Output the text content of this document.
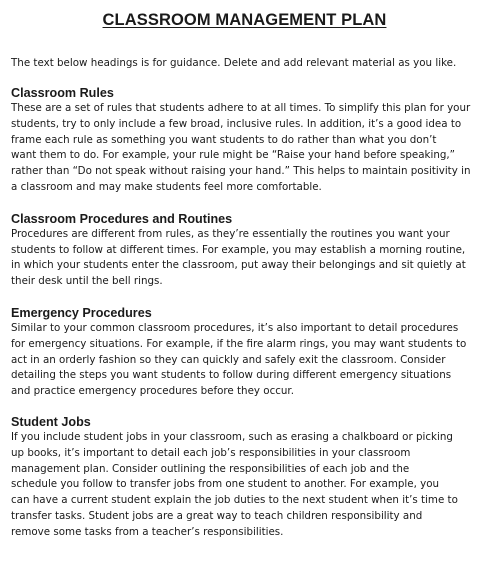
CLASSROOM MANAGEMENT PLAN

The text below headings is for guidance. Delete and add relevant material as you like.

Classroom Rules
These are a set of rules that students adhere to at all times. To simplify this plan for your
students, try to only include a few broad, inclusive rules. In addition, it’s a good idea to
frame each rule as something you want students to do rather than what you don’t
want them to do. For example, your rule might be “Raise your hand before speaking,”
rather than “Do not speak without raising your hand.” This helps to maintain positivity in
a classroom and may make students feel more comfortable.
Classroom Procedures and Routines
Procedures are different from rules, as they’re essentially the routines you want your
students to follow at different times. For example, you may establish a morning routine,
in which your students enter the classroom, put away their belongings and sit quietly at
their desk until the bell rings.
Emergency Procedures
Similar to your common classroom procedures, it’s also important to detail procedures
for emergency situations. For example, if the fire alarm rings, you may want students to
act in an orderly fashion so they can quickly and safely exit the classroom. Consider
detailing the steps you want students to follow during different emergency situations
and practice emergency procedures before they occur.
Student Jobs
If you include student jobs in your classroom, such as erasing a chalkboard or picking
up books, it’s important to detail each job’s responsibilities in your classroom
management plan. Consider outlining the responsibilities of each job and the
schedule you follow to transfer jobs from one student to another. For example, you
can have a current student explain the job duties to the next student when it’s time to
transfer tasks. Student jobs are a great way to teach children responsibility and
remove some tasks from a teacher’s responsibilities.
